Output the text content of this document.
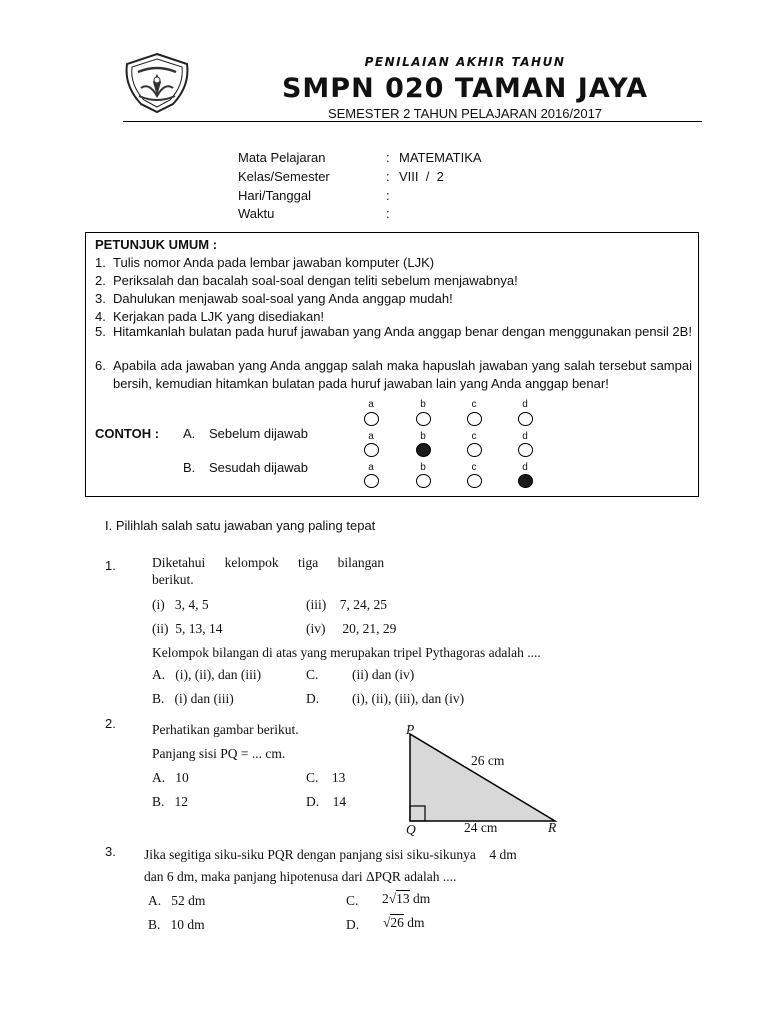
PENILAIAN AKHIR TAHUN
SMPN 020 TAMAN JAYA
SEMESTER 2 TAHUN PELAJARAN 2016/2017
Mata Pelajaran	: MATEMATIKA
Kelas/Semester	: VIII  /  2
Hari/Tanggal	:
Waktu	:
PETUNJUK UMUM :
1. Tulis nomor Anda pada lembar jawaban komputer (LJK)
2. Periksalah dan bacalah soal-soal dengan teliti sebelum menjawabnya!
3. Dahulukan menjawab soal-soal yang Anda anggap mudah!
4. Kerjakan pada LJK yang disediakan!
5. Hitamkanlah bulatan pada huruf jawaban yang Anda anggap benar dengan menggunakan pensil 2B!
6. Apabila ada jawaban yang Anda anggap salah maka hapuslah jawaban yang salah tersebut sampai bersih, kemudian hitamkan bulatan pada huruf jawaban lain yang Anda anggap benar!
CONTOH : A. Sebelum dijawab
B. Sesudah dijawab
a	b	c	d
a	b	c	d
a	b	c	d
I. Pilihlah salah satu jawaban yang paling tepat
1.	Diketahui kelompok tiga bilangan
berikut.
(i)   3, 4, 5	(iii)    7, 24, 25
(ii)  5, 13, 14	(iv)     20, 21, 29
Kelompok bilangan di atas yang merupakan tripel Pythagoras adalah ....
A.   (i), (ii), dan (iii)	C. (ii) dan (iv)
B.   (i) dan (iii)	D. (i), (ii), (iii), dan (iv)
2.	Perhatikan gambar berikut.
Panjang sisi PQ = ... cm.
A.   10	C.    13
B.   12	D.    14
P
Q	R
26 cm
24 cm
3. Jika segitiga siku-siku PQR dengan panjang sisi siku-sikunya    4 dm
dan 6 dm, maka panjang hipotenusa dari ΔPQR adalah ....
A.   52 dm	C. 2√13 dm
B.   10 dm	D. √26 dm
